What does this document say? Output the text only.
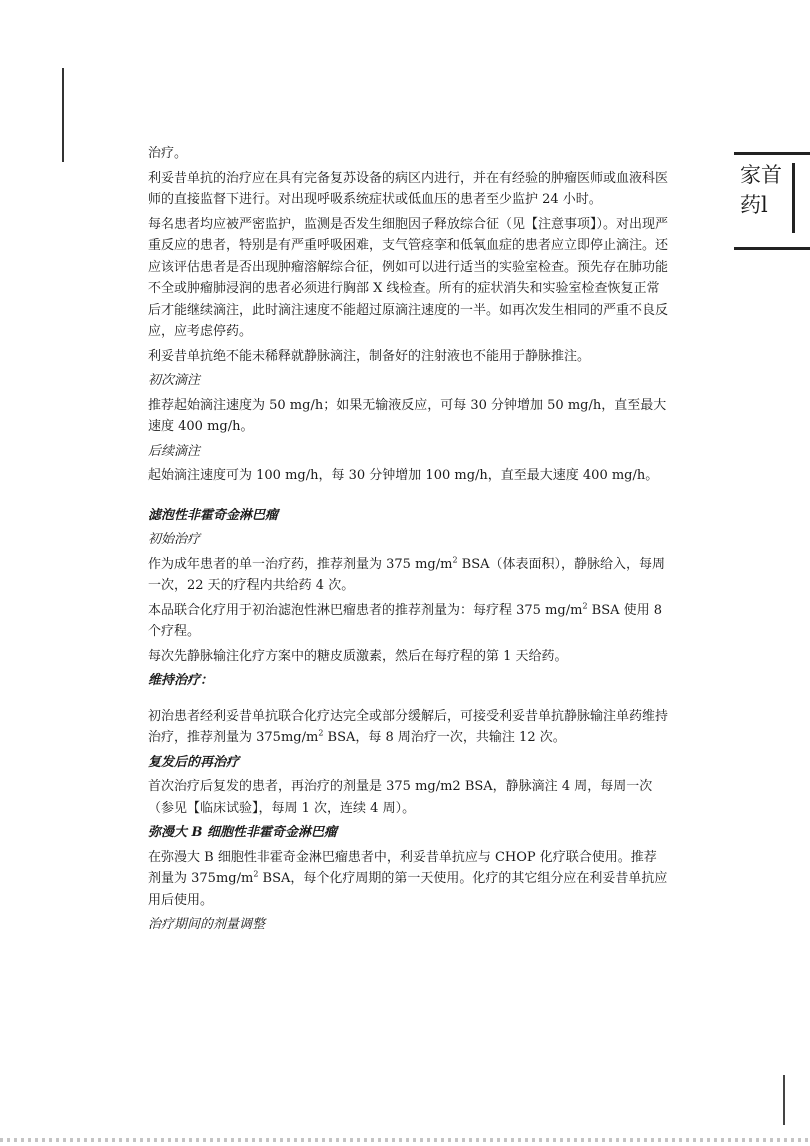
家首
药l

治疗。

利妥昔单抗的治疗应在具有完备复苏设备的病区内进行，并在有经验的肿瘤医师或血液科医师的直接监督下进行。对出现呼吸系统症状或低血压的患者至少监护 24 小时。

每名患者均应被严密监护，监测是否发生细胞因子释放综合征（见【注意事项】）。对出现严重反应的患者，特别是有严重呼吸困难，支气管痉挛和低氧血症的患者应立即停止滴注。还应该评估患者是否出现肿瘤溶解综合征，例如可以进行适当的实验室检查。预先存在肺功能不全或肿瘤肺浸润的患者必须进行胸部 X 线检查。所有的症状消失和实验室检查恢复正常后才能继续滴注，此时滴注速度不能超过原滴注速度的一半。如再次发生相同的严重不良反应，应考虑停药。

利妥昔单抗绝不能未稀释就静脉滴注，制备好的注射液也不能用于静脉推注。

初次滴注

推荐起始滴注速度为 50 mg/h；如果无输液反应，可每 30 分钟增加 50 mg/h，直至最大速度 400 mg/h。

后续滴注

起始滴注速度可为 100 mg/h，每 30 分钟增加 100 mg/h，直至最大速度 400 mg/h。

滤泡性非霍奇金淋巴瘤

初始治疗

作为成年患者的单一治疗药，推荐剂量为 375 $mg/m^2$ BSA（体表面积），静脉给入，每周一次，22 天的疗程内共给药 4 次。

本品联合化疗用于初治滤泡性淋巴瘤患者的推荐剂量为：每疗程 375 $mg/m^2$ BSA 使用 8 个疗程。

每次先静脉输注化疗方案中的糖皮质激素，然后在每疗程的第 1 天给药。

维持治疗：

初治患者经利妥昔单抗联合化疗达完全或部分缓解后，可接受利妥昔单抗静脉输注单药维持治疗，推荐剂量为 $375mg/m^2$ BSA，每 8 周治疗一次，共输注 12 次。

复发后的再治疗

首次治疗后复发的患者，再治疗的剂量是 375 mg/m2 BSA，静脉滴注 4 周，每周一次（参见【临床试验】，每周 1 次，连续 4 周）。

弥漫大 B 细胞性非霍奇金淋巴瘤

在弥漫大 B 细胞性非霍奇金淋巴瘤患者中，利妥昔单抗应与 CHOP 化疗联合使用。推荐剂量为 $375mg/m^2$ BSA，每个化疗周期的第一天使用。化疗的其它组分应在利妥昔单抗应用后使用。

治疗期间的剂量调整
